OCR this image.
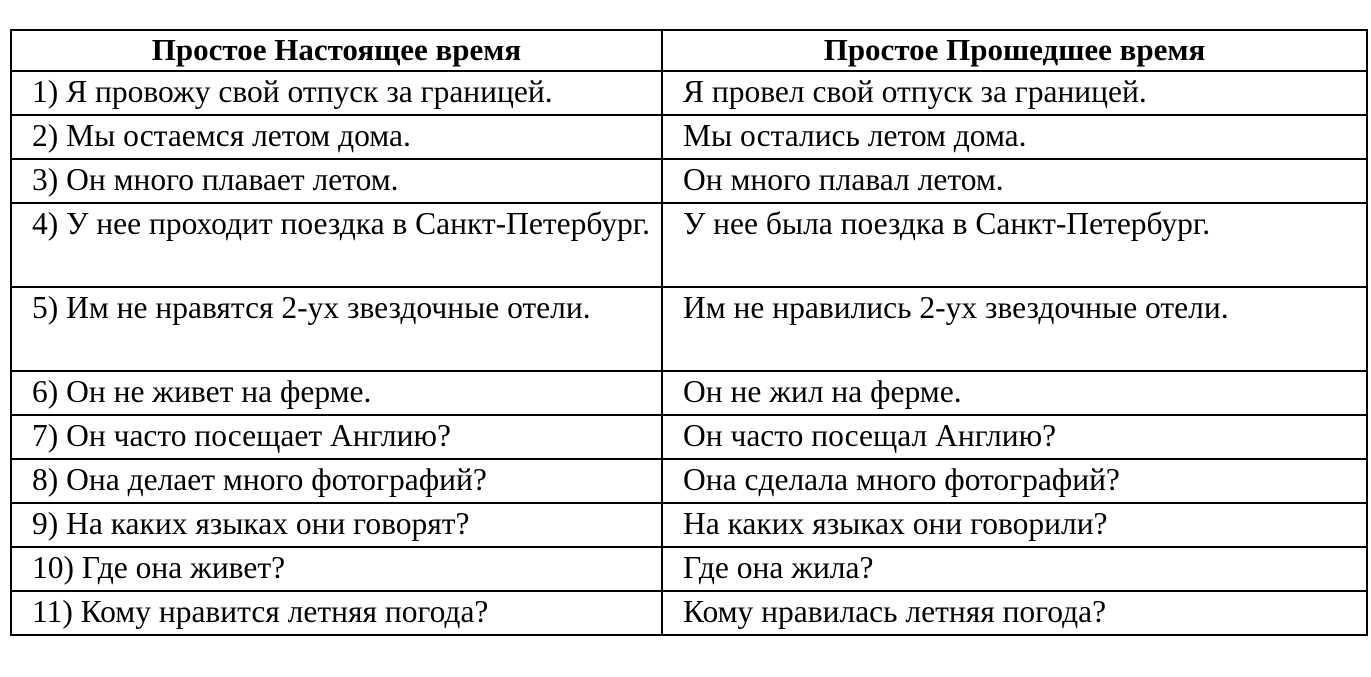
Простое Настоящее время	Простое Прошедшее время
1) Я провожу свой отпуск за границей.	Я провел свой отпуск за границей.
2) Мы остаемся летом дома.	Мы остались летом дома.
3) Он много плавает летом.	Он много плавал летом.
4) У нее проходит поездка в Санкт-Петербург.	У нее была поездка в Санкт-Петербург.
5) Им не нравятся 2-ух звездочные отели.	Им не нравились 2-ух звездочные отели.
6) Он не живет на ферме.	Он не жил на ферме.
7) Он часто посещает Англию?	Он часто посещал Англию?
8) Она делает много фотографий?	Она сделала много фотографий?
9) На каких языках они говорят?	На каких языках они говорили?
10) Где она живет?	Где она жила?
11) Кому нравится летняя погода?	Кому нравилась летняя погода?
